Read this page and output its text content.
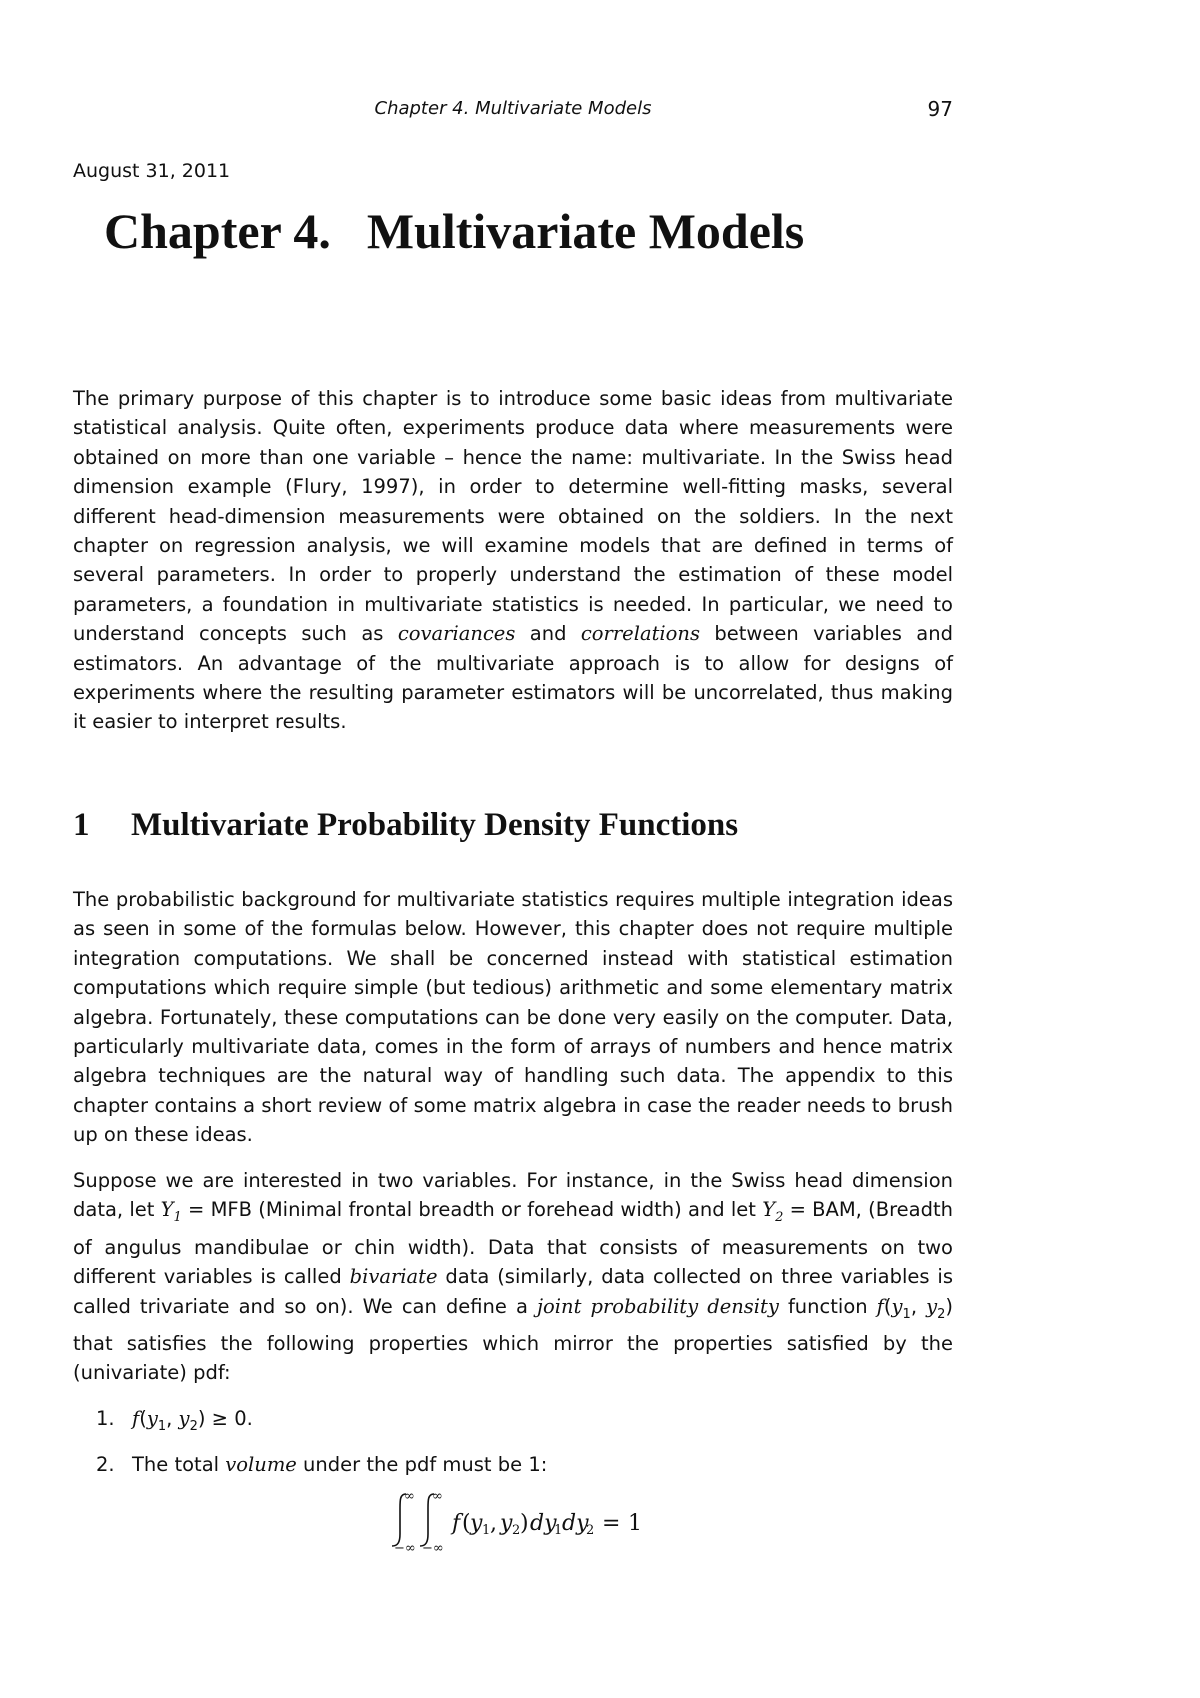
Chapter 4. Multivariate Models	97
August 31, 2011
Chapter 4. Multivariate Models

The primary purpose of this chapter is to introduce some basic ideas from multivariate statistical analysis. Quite often, experiments produce data where measurements were obtained on more than one variable – hence the name: multivariate. In the Swiss head dimension example (Flury, 1997), in order to determine well-fitting masks, several different head-dimension measurements were obtained on the soldiers. In the next chapter on regression analysis, we will examine models that are defined in terms of several parameters. In order to properly understand the estimation of these model parameters, a foundation in multivariate statistics is needed. In particular, we need to understand concepts such as covariances and correlations between variables and estimators. An advantage of the multivariate approach is to allow for designs of experiments where the resulting parameter estimators will be uncorrelated, thus making it easier to interpret results.

1 Multivariate Probability Density Functions

The probabilistic background for multivariate statistics requires multiple integration ideas as seen in some of the formulas below. However, this chapter does not require multiple integration computations. We shall be concerned instead with statistical estimation computations which require simple (but tedious) arithmetic and some elementary matrix algebra. Fortunately, these computations can be done very easily on the computer. Data, particularly multivariate data, comes in the form of arrays of numbers and hence matrix algebra techniques are the natural way of handling such data. The appendix to this chapter contains a short review of some matrix algebra in case the reader needs to brush up on these ideas.

Suppose we are interested in two variables. For instance, in the Swiss head dimension data, let $Y_1$ = MFB (Minimal frontal breadth or forehead width) and let $Y_2$ = BAM, (Breadth of angulus mandibulae or chin width). Data that consists of measurements on two different variables is called bivariate data (similarly, data collected on three variables is called trivariate and so on). We can define a joint probability density function $f(y_1$, $y_2$) that satisfies the following properties which mirror the properties satisfied by the (univariate) pdf:

1. $f(y_1$, $y_2) \ge 0$.
2. The total volume under the pdf must be 1:
∞
−∞
∞
−∞
f ( y 1 , y 2 ) dy
1 dy
2 = 1
